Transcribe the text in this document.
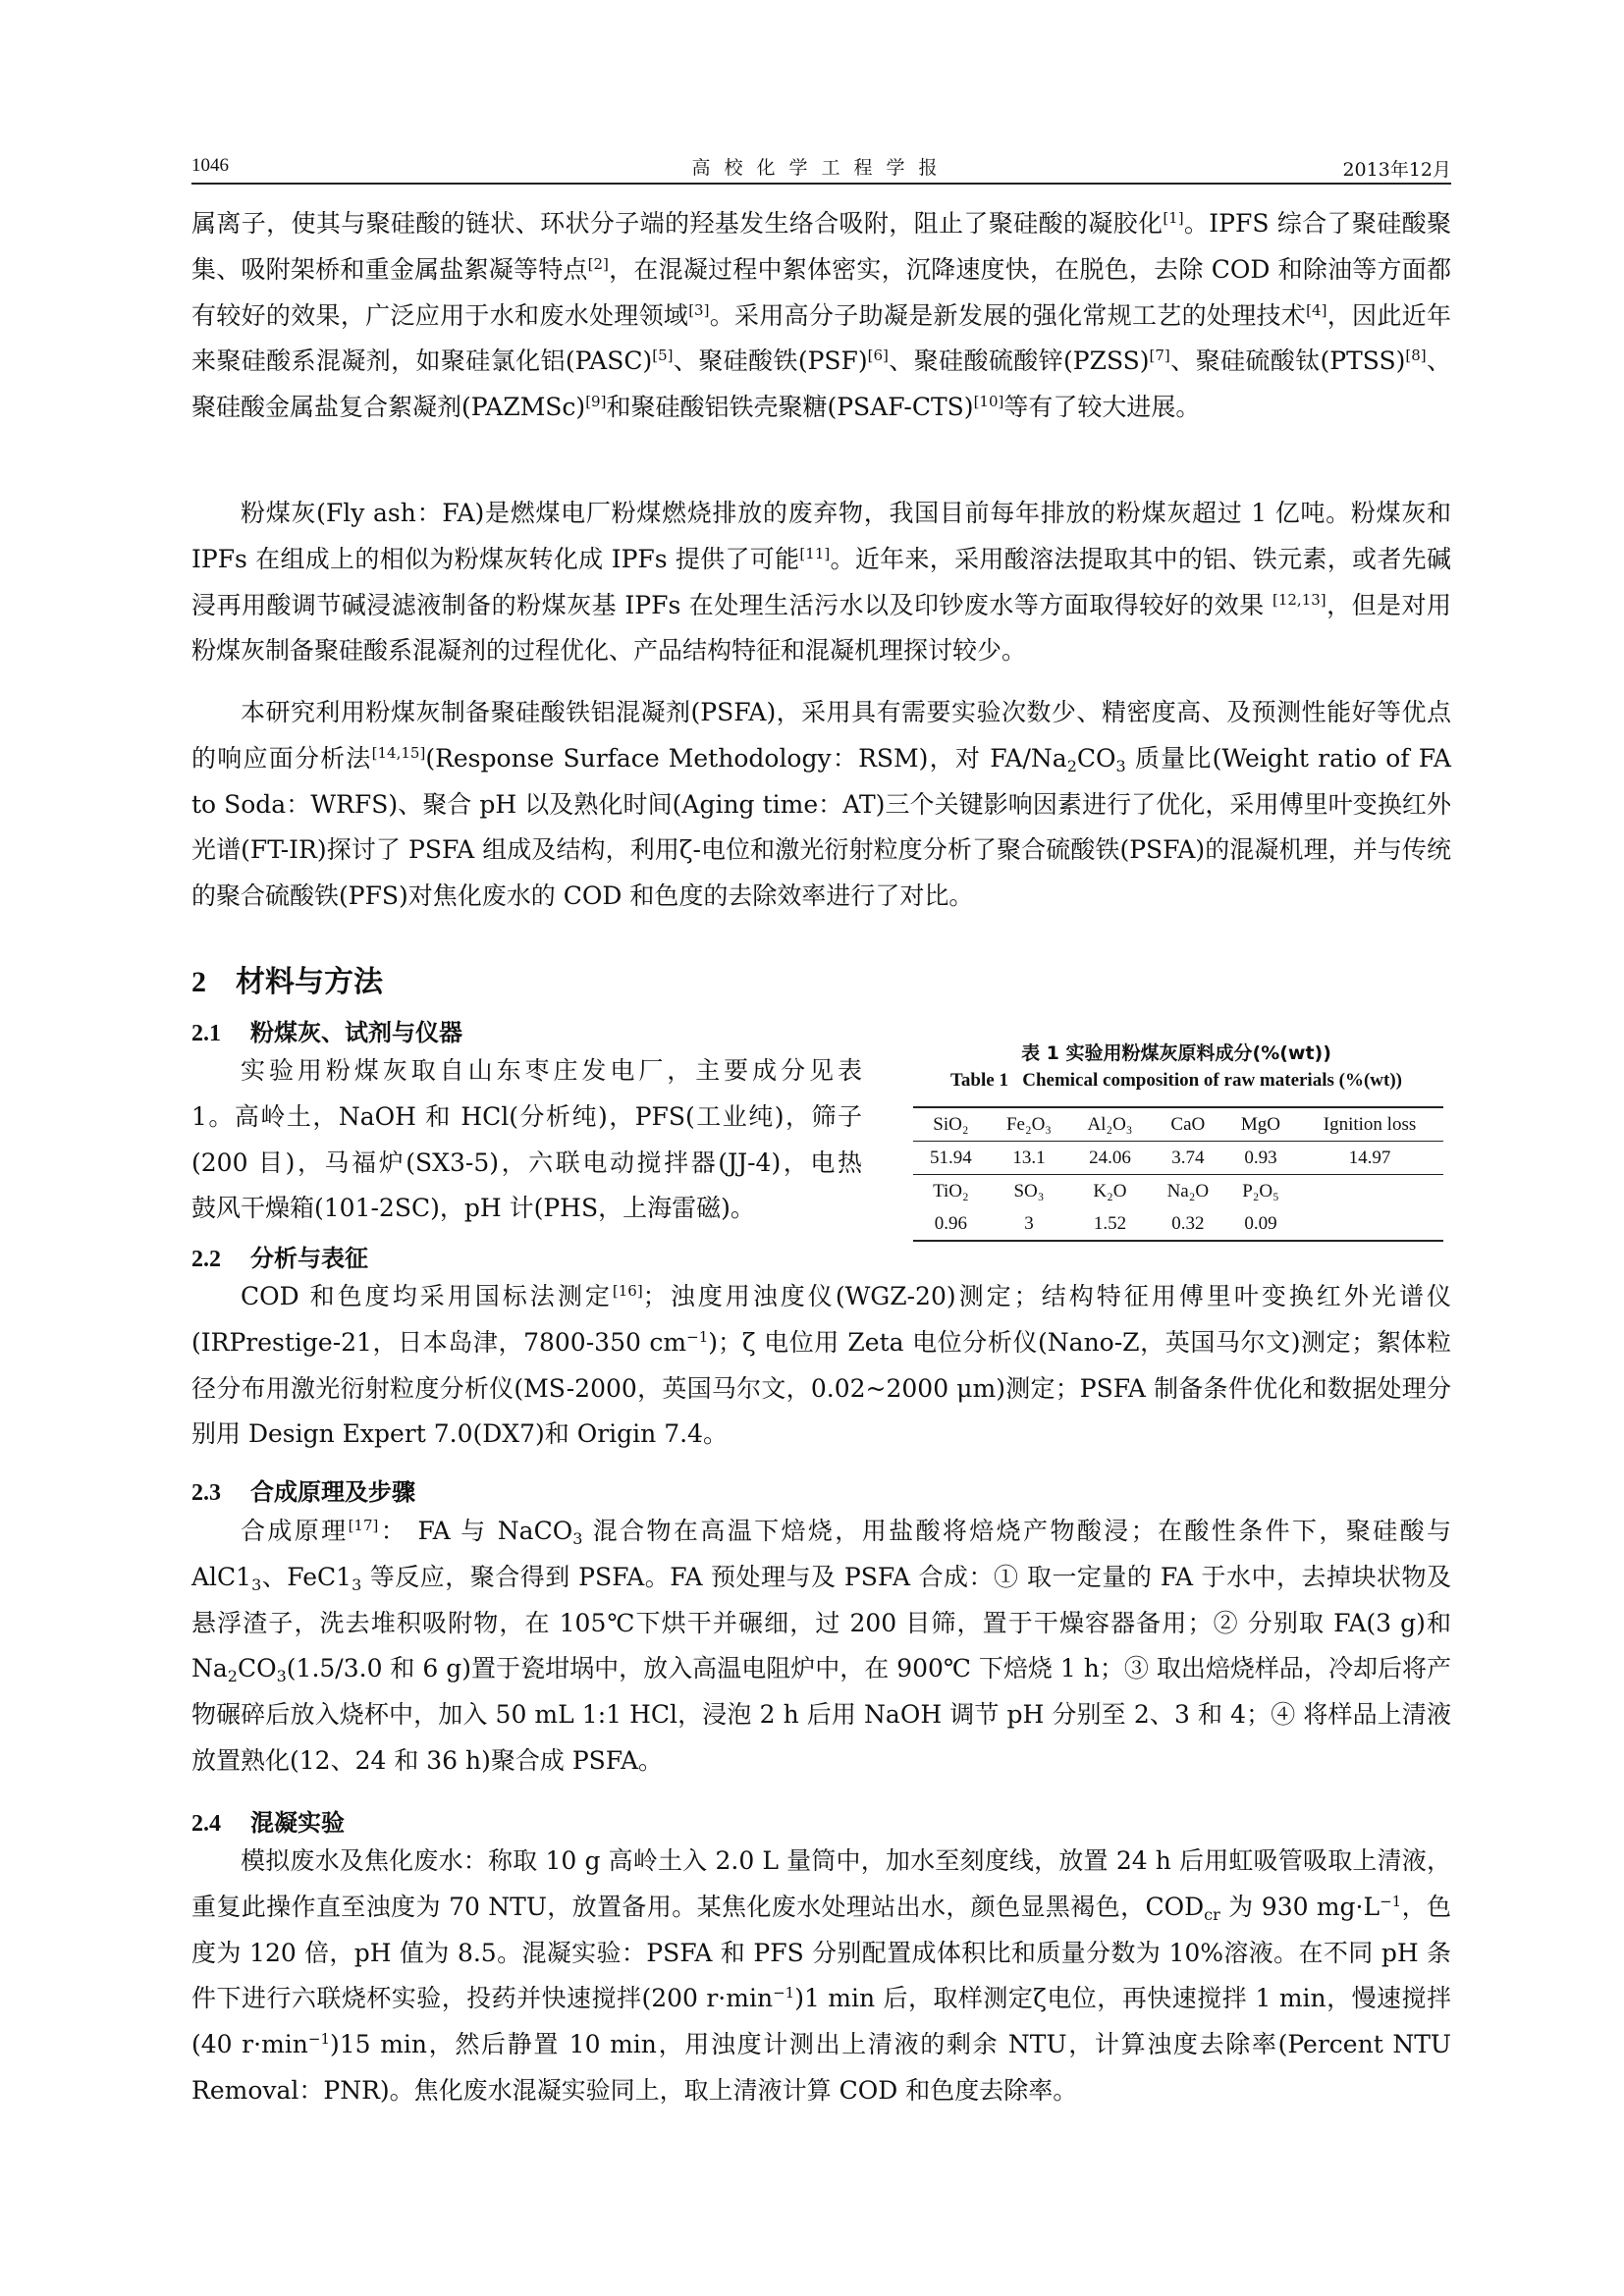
1046	高校化学工程学报	2013年12月
属离子，使其与聚硅酸的链状、环状分子端的羟基发生络合吸附，阻止了聚硅酸的凝胶化[1]。IPFS 综合了聚硅酸聚集、吸附架桥和重金属盐絮凝等特点[2]，在混凝过程中絮体密实，沉降速度快，在脱色，去除 COD 和除油等方面都有较好的效果，广泛应用于水和废水处理领域[3]。采用高分子助凝是新发展的强化常规工艺的处理技术[4]，因此近年来聚硅酸系混凝剂，如聚硅氯化铝(PASC)[5]、聚硅酸铁(PSF)[6]、聚硅酸硫酸锌(PZSS)[7]、聚硅硫酸钛(PTSS)[8]、聚硅酸金属盐复合絮凝剂(PAZMSc)[9]和聚硅酸铝铁壳聚糖(PSAF-CTS)[10]等有了较大进展。
粉煤灰(Fly ash：FA)是燃煤电厂粉煤燃烧排放的废弃物，我国目前每年排放的粉煤灰超过 1 亿吨。粉煤灰和 IPFs 在组成上的相似为粉煤灰转化成 IPFs 提供了可能[11]。近年来，采用酸溶法提取其中的铝、铁元素，或者先碱浸再用酸调节碱浸滤液制备的粉煤灰基 IPFs 在处理生活污水以及印钞废水等方面取得较好的效果 [12,13]，但是对用粉煤灰制备聚硅酸系混凝剂的过程优化、产品结构特征和混凝机理探讨较少。
本研究利用粉煤灰制备聚硅酸铁铝混凝剂(PSFA)，采用具有需要实验次数少、精密度高、及预测性能好等优点的响应面分析法[14,15](Response Surface Methodology：RSM)，对 $FA/Na_2CO_3$ 质量比(Weight ratio of FA to Soda：WRFS)、聚合 pH 以及熟化时间(Aging time：AT)三个关键影响因素进行了优化，采用傅里叶变换红外光谱(FT-IR)探讨了 PSFA 组成及结构，利用ζ-电位和激光衍射粒度分析了聚合硫酸铁(PSFA)的混凝机理，并与传统的聚合硫酸铁(PFS)对焦化废水的 COD 和色度的去除效率进行了对比。
2 材料与方法
2.1 粉煤灰、试剂与仪器
实验用粉煤灰取自山东枣庄发电厂，主要成分见表
1。高岭土，NaOH 和 HCl(分析纯)，PFS(工业纯)，筛子
(200 目)，马福炉(SX3-5)，六联电动搅拌器(JJ-4)，电热
鼓风干燥箱(101-2SC)，pH 计(PHS，上海雷磁)。
表 1 实验用粉煤灰原料成分(%(wt))
Table 1 Chemical composition of raw materials (%(wt))
SiO₂	Fe₂O₃	Al₂O₃	CaO	MgO	Ignition loss
51.94	13.1	24.06	3.74	0.93	14.97
TiO₂	SO₃	K₂O	Na₂O	P₂O₅	
0.96	3	1.52	0.32	0.09	
2.2 分析与表征
COD 和色度均采用国标法测定[16]；浊度用浊度仪(WGZ-20)测定；结构特征用傅里叶变换红外光谱仪(IRPrestige-21，日本岛津，7800-350 $cm^{-1}$)；ζ 电位用 Zeta 电位分析仪(Nano-Z，英国马尔文)测定；絮体粒径分布用激光衍射粒度分析仪(MS-2000，英国马尔文，0.02~2000 μm)测定；PSFA 制备条件优化和数据处理分别用 Design Expert 7.0(DX7)和 Origin 7.4。
2.3 合成原理及步骤
合成原理[17]： FA 与 NaCO$_3$ 混合物在高温下焙烧，用盐酸将焙烧产物酸浸；在酸性条件下，聚硅酸与 $AlC1_3$、$FeC1_3$ 等反应，聚合得到 PSFA。FA 预处理与及 PSFA 合成：① 取一定量的 FA 于水中，去掉块状物及悬浮渣子，洗去堆积吸附物，在 105℃下烘干并碾细，过 200 目筛，置于干燥容器备用；② 分别取 FA(3 g)和 $Na_2CO_3(1.5/3.0$ 和 6 g)置于瓷坩埚中，放入高温电阻炉中，在 900℃ 下焙烧 1 h；③ 取出焙烧样品，冷却后将产物碾碎后放入烧杯中，加入 50 mL 1:1 HCl，浸泡 2 h 后用 NaOH 调节 pH 分别至 2、3 和 4；④ 将样品上清液放置熟化(12、24 和 36 h)聚合成 PSFA。
2.4 混凝实验
模拟废水及焦化废水：称取 10 g 高岭土入 2.0 L 量筒中，加水至刻度线，放置 24 h 后用虹吸管吸取上清液，重复此操作直至浊度为 70 NTU，放置备用。某焦化废水处理站出水，颜色显黑褐色，$COD_{cr}$ 为 930 $mg\cdot L^{-1}$，色度为 120 倍，pH 值为 8.5。混凝实验：PSFA 和 PFS 分别配置成体积比和质量分数为 10%溶液。在不同 pH 条件下进行六联烧杯实验，投药并快速搅拌(200 $r\cdot\min^{-1})1$ min 后，取样测定ζ电位，再快速搅拌 1 min，慢速搅拌(40 $r\cdot\min^{-1})15$ min，然后静置 10 min，用浊度计测出上清液的剩余 NTU，计算浊度去除率(Percent NTU Removal：PNR)。焦化废水混凝实验同上，取上清液计算 COD 和色度去除率。
